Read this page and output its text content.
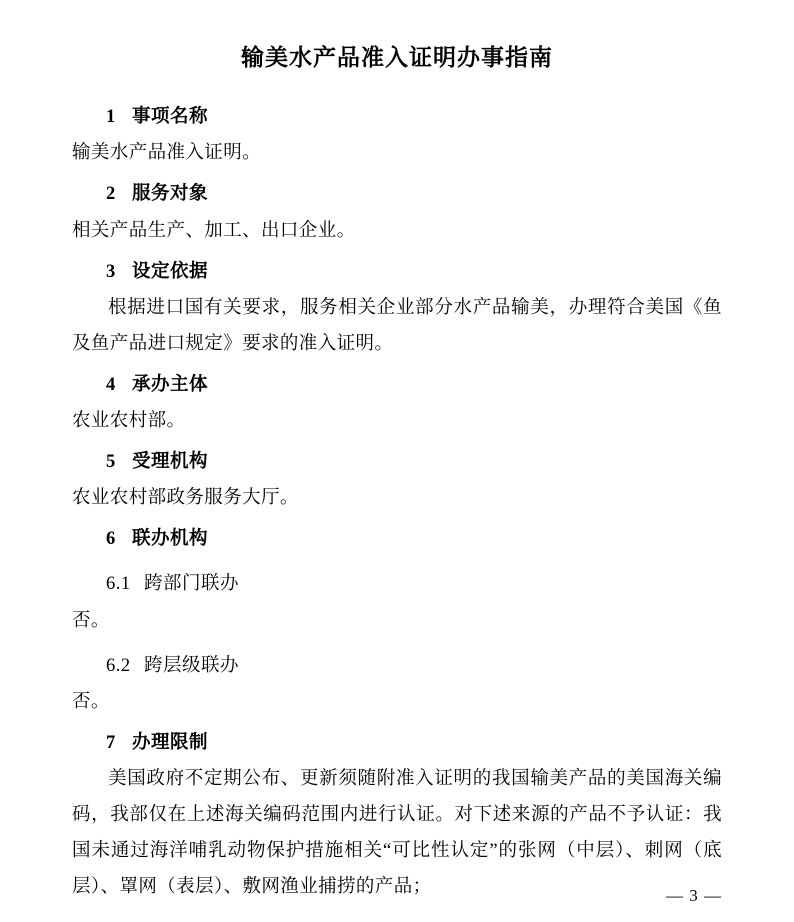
输美水产品准入证明办事指南
1 事项名称

输美水产品准入证明。

2 服务对象

相关产品生产、加工、出口企业。

3 设定依据

根据进口国有关要求，服务相关企业部分水产品输美，办理符合美国《鱼及鱼产品进口规定》要求的准入证明。

4 承办主体

农业农村部。

5 受理机构

农业农村部政务服务大厅。

6 联办机构
6.1 跨部门联办

否。

6.2 跨层级联办

否。

7 办理限制

美国政府不定期公布、更新须随附准入证明的我国输美产品的美国海关编码，我部仅在上述海关编码范围内进行认证。对下述来源的产品不予认证：我国未通过海洋哺乳动物保护措施相关“可比性认定”的张网（中层）、刺网（底层）、罩网（表层）、敷网渔业捕捞的产品；	— 3 —
